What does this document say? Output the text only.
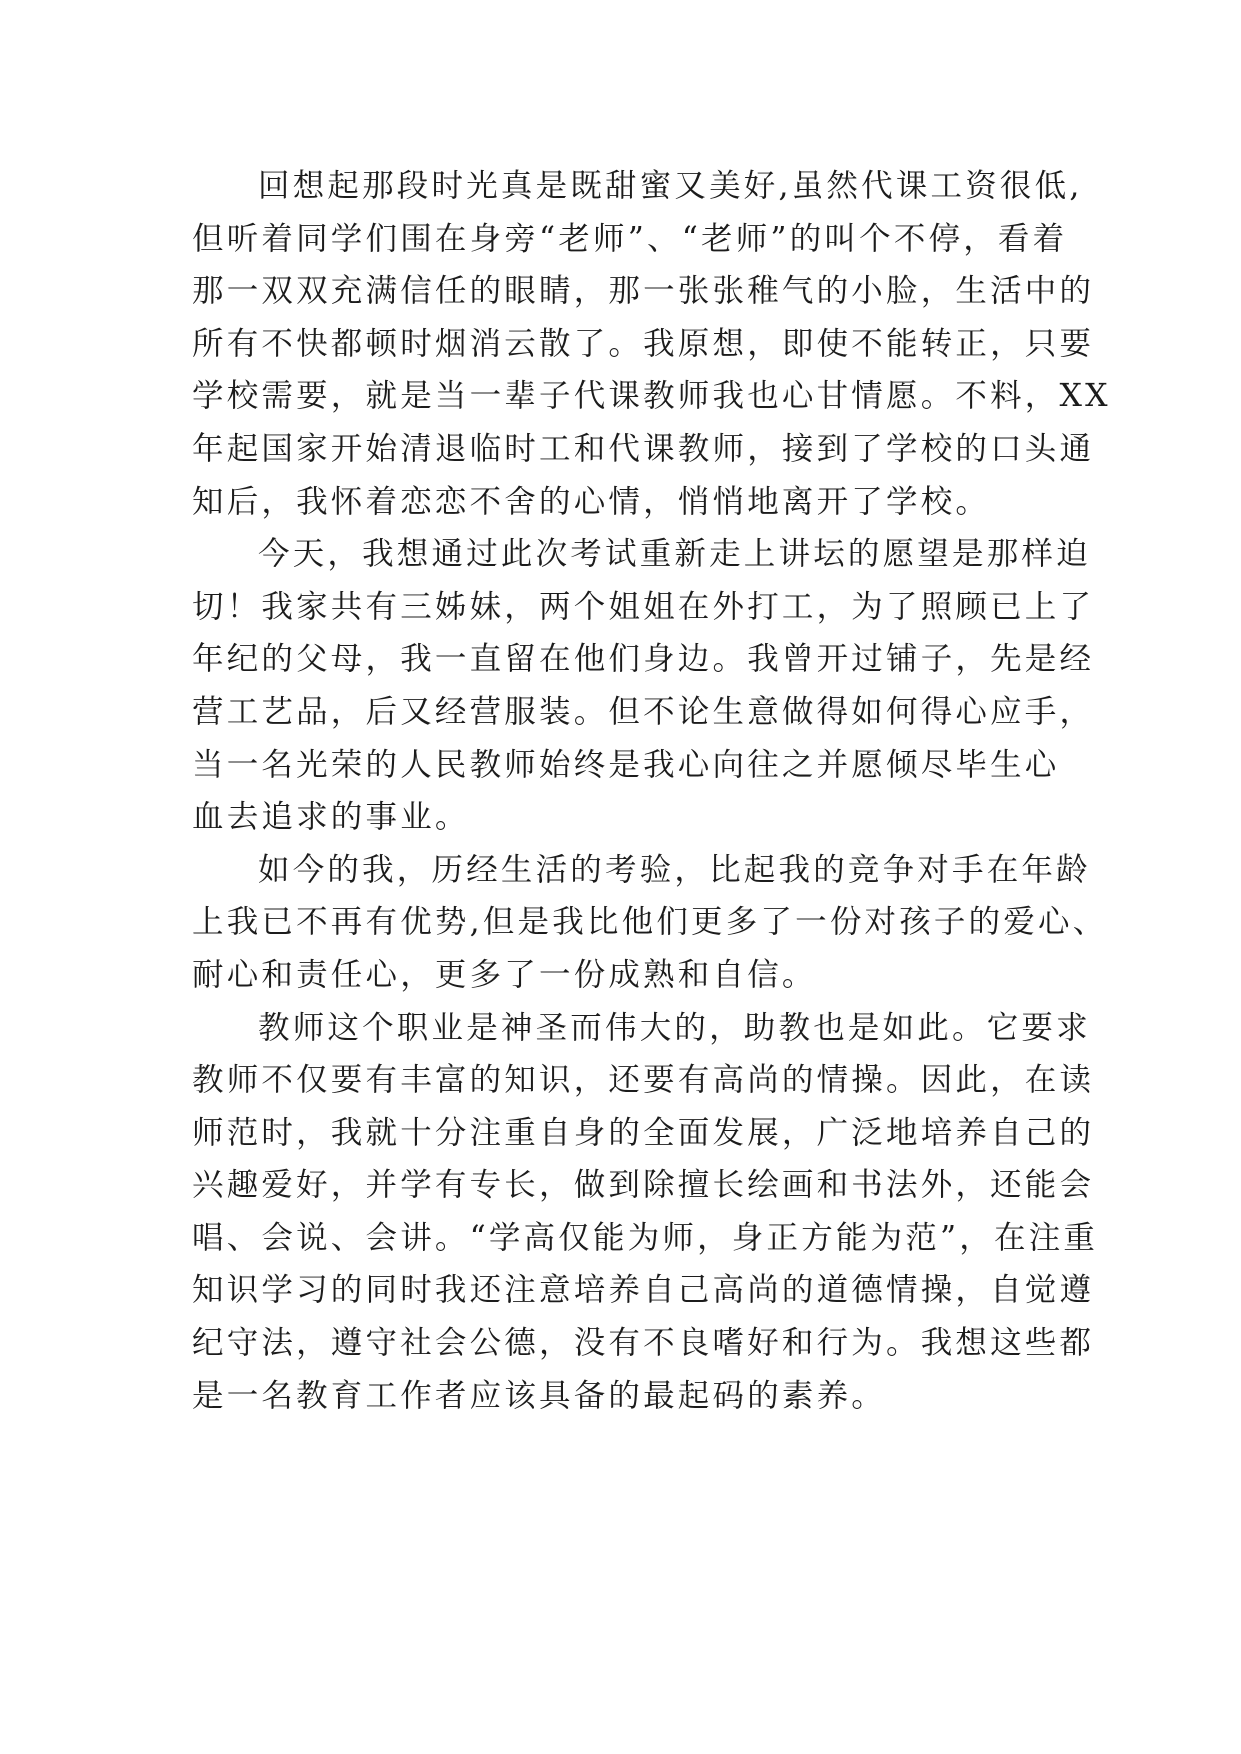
回想起那段时光真是既甜蜜又美好,虽然代课工资很低,
但听着同学们围在身旁“老师”、“老师”的叫个不停，看着
那一双双充满信任的眼睛，那一张张稚气的小脸，生活中的
所有不快都顿时烟消云散了。我原想，即使不能转正，只要
学校需要，就是当一辈子代课教师我也心甘情愿。不料，XX
年起国家开始清退临时工和代课教师，接到了学校的口头通
知后，我怀着恋恋不舍的心情，悄悄地离开了学校。
今天，我想通过此次考试重新走上讲坛的愿望是那样迫
切！我家共有三姊妹，两个姐姐在外打工，为了照顾已上了
年纪的父母，我一直留在他们身边。我曾开过铺子，先是经
营工艺品，后又经营服装。但不论生意做得如何得心应手，
当一名光荣的人民教师始终是我心向往之并愿倾尽毕生心
血去追求的事业。
如今的我，历经生活的考验，比起我的竞争对手在年龄
上我已不再有优势,但是我比他们更多了一份对孩子的爱心、
耐心和责任心，更多了一份成熟和自信。
教师这个职业是神圣而伟大的，助教也是如此。它要求
教师不仅要有丰富的知识，还要有高尚的情操。因此，在读
师范时，我就十分注重自身的全面发展，广泛地培养自己的
兴趣爱好，并学有专长，做到除擅长绘画和书法外，还能会
唱、会说、会讲。“学高仅能为师，身正方能为范”，在注重
知识学习的同时我还注意培养自己高尚的道德情操，自觉遵
纪守法，遵守社会公德，没有不良嗜好和行为。我想这些都
是一名教育工作者应该具备的最起码的素养。
